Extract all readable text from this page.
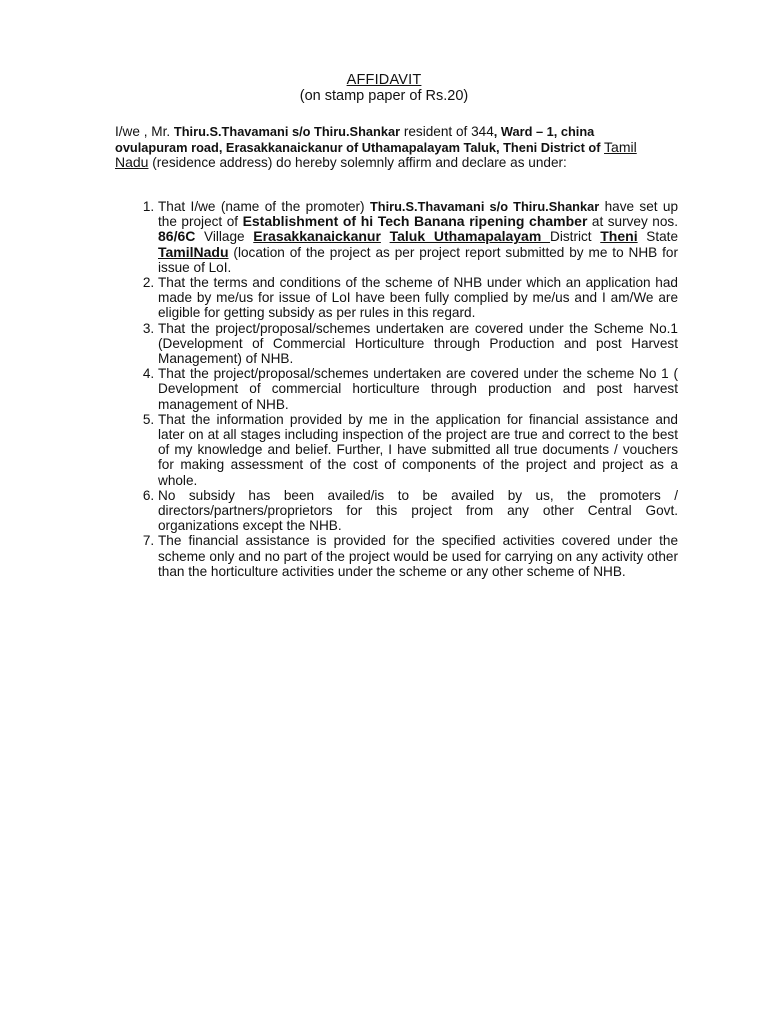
AFFIDAVIT
(on stamp paper of Rs.20)
I/we , Mr. Thiru.S.Thavamani s/o Thiru.Shankar resident of 344, Ward – 1, china ovulapuram road, Erasakkanaickanur of Uthamapalayam Taluk, Theni District of Tamil Nadu (residence address) do hereby solemnly affirm and declare as under:
1. That I/we (name of the promoter) Thiru.S.Thavamani s/o Thiru.Shankar have set up the project of Establishment of hi Tech Banana ripening chamber at survey nos. 86/6C Village Erasakkanaickanur Taluk Uthamapalayam District Theni State TamilNadu (location of the project as per project report submitted by me to NHB for issue of LoI.
2. That the terms and conditions of the scheme of NHB under which an application had made by me/us for issue of LoI have been fully complied by me/us and I am/We are eligible for getting subsidy as per rules in this regard.
3. That the project/proposal/schemes undertaken are covered under the Scheme No.1 (Development of Commercial Horticulture through Production and post Harvest Management) of NHB.
4. That the project/proposal/schemes undertaken are covered under the scheme No 1 ( Development of commercial horticulture through production and post harvest management of NHB.
5. That the information provided by me in the application for financial assistance and later on at all stages including inspection of the project are true and correct to the best of my knowledge and belief. Further, I have submitted all true documents / vouchers for making assessment of the cost of components of the project and project as a whole.
6. No subsidy has been availed/is to be availed by us, the promoters / directors/partners/proprietors for this project from any other Central Govt. organizations except the NHB.
7. The financial assistance is provided for the specified activities covered under the scheme only and no part of the project would be used for carrying on any activity other than the horticulture activities under the scheme or any other scheme of NHB.
